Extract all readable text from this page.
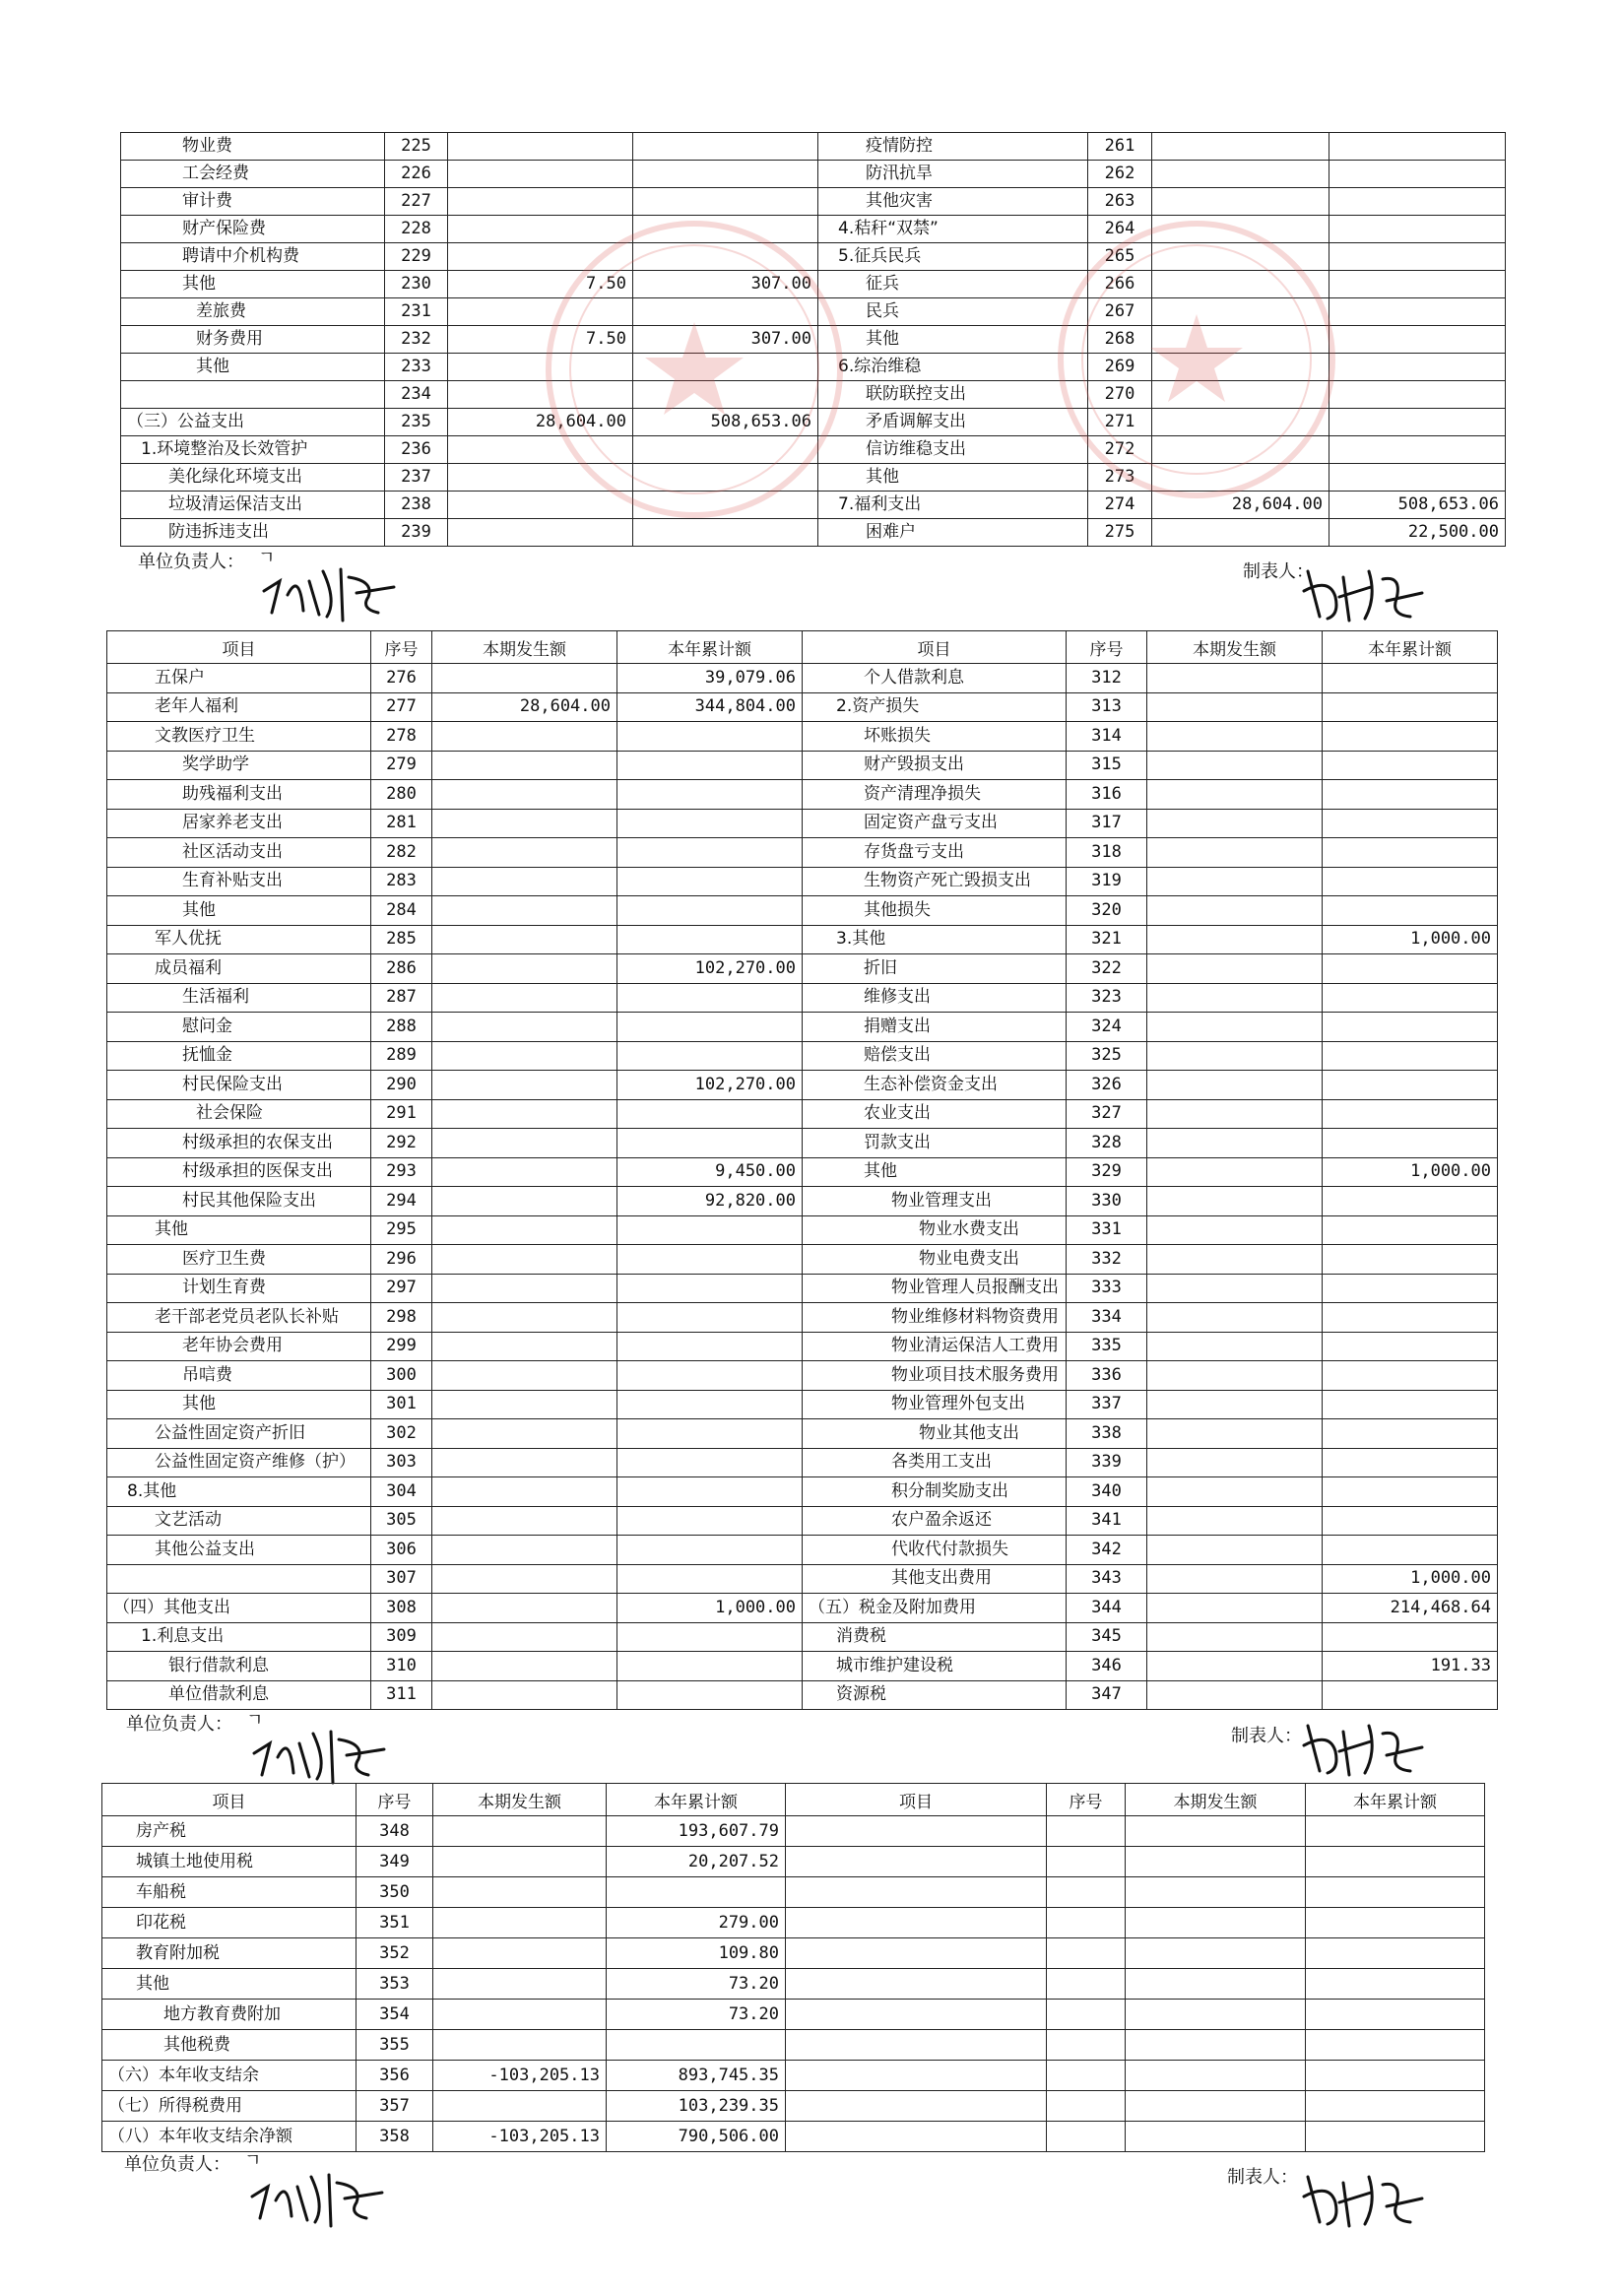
物业费	225			疫情防控	261		
工会经费	226			防汛抗旱	262		
审计费	227			其他灾害	263		
财产保险费	228			4.秸秆“双禁”	264		
聘请中介机构费	229			5.征兵民兵	265		
其他	230	7.50	307.00	征兵	266		
差旅费	231			民兵	267		
财务费用	232	7.50	307.00	其他	268		
其他	233			6.综治维稳	269		
	234			联防联控支出	270		
（三）公益支出	235	28,604.00	508,653.06	矛盾调解支出	271		
1.环境整治及长效管护	236			信访维稳支出	272		
美化绿化环境支出	237			其他	273		
垃圾清运保洁支出	238			7.福利支出	274	28,604.00	508,653.06
防违拆违支出	239			困难户	275		22,500.00
单位负责人： ㄱ
制表人：
项目	序号	本期发生额	本年累计额	项目	序号	本期发生额	本年累计额
五保户	276		39,079.06	个人借款利息	312		
老年人福利	277	28,604.00	344,804.00	2.资产损失	313		
文教医疗卫生	278			坏账损失	314		
奖学助学	279			财产毁损支出	315		
助残福利支出	280			资产清理净损失	316		
居家养老支出	281			固定资产盘亏支出	317		
社区活动支出	282			存货盘亏支出	318		
生育补贴支出	283			生物资产死亡毁损支出	319		
其他	284			其他损失	320		
军人优抚	285			3.其他	321		1,000.00
成员福利	286		102,270.00	折旧	322		
生活福利	287			维修支出	323		
慰问金	288			捐赠支出	324		
抚恤金	289			赔偿支出	325		
村民保险支出	290		102,270.00	生态补偿资金支出	326		
社会保险	291			农业支出	327		
村级承担的农保支出	292			罚款支出	328		
村级承担的医保支出	293		9,450.00	其他	329		1,000.00
村民其他保险支出	294		92,820.00	物业管理支出	330		
其他	295			物业水费支出	331		
医疗卫生费	296			物业电费支出	332		
计划生育费	297			物业管理人员报酬支出	333		
老干部老党员老队长补贴	298			物业维修材料物资费用	334		
老年协会费用	299			物业清运保洁人工费用	335		
吊唁费	300			物业项目技术服务费用	336		
其他	301			物业管理外包支出	337		
公益性固定资产折旧	302			物业其他支出	338		
公益性固定资产维修（护）	303			各类用工支出	339		
8.其他	304			积分制奖励支出	340		
文艺活动	305			农户盈余返还	341		
其他公益支出	306			代收代付款损失	342		
	307			其他支出费用	343		1,000.00
（四）其他支出	308		1,000.00	（五）税金及附加费用	344		214,468.64
1.利息支出	309			消费税	345		
银行借款利息	310			城市维护建设税	346		191.33
单位借款利息	311			资源税	347		
单位负责人： ㄱ
制表人：
项目	序号	本期发生额	本年累计额	项目	序号	本期发生额	本年累计额
房产税	348		193,607.79				
城镇土地使用税	349		20,207.52				
车船税	350						
印花税	351		279.00				
教育附加税	352		109.80				
其他	353		73.20				
地方教育费附加	354		73.20				
其他税费	355						
（六）本年收支结余	356	-103,205.13	893,745.35				
（七）所得税费用	357		103,239.35				
（八）本年收支结余净额	358	-103,205.13	790,506.00				
单位负责人： ㄱ
制表人：
